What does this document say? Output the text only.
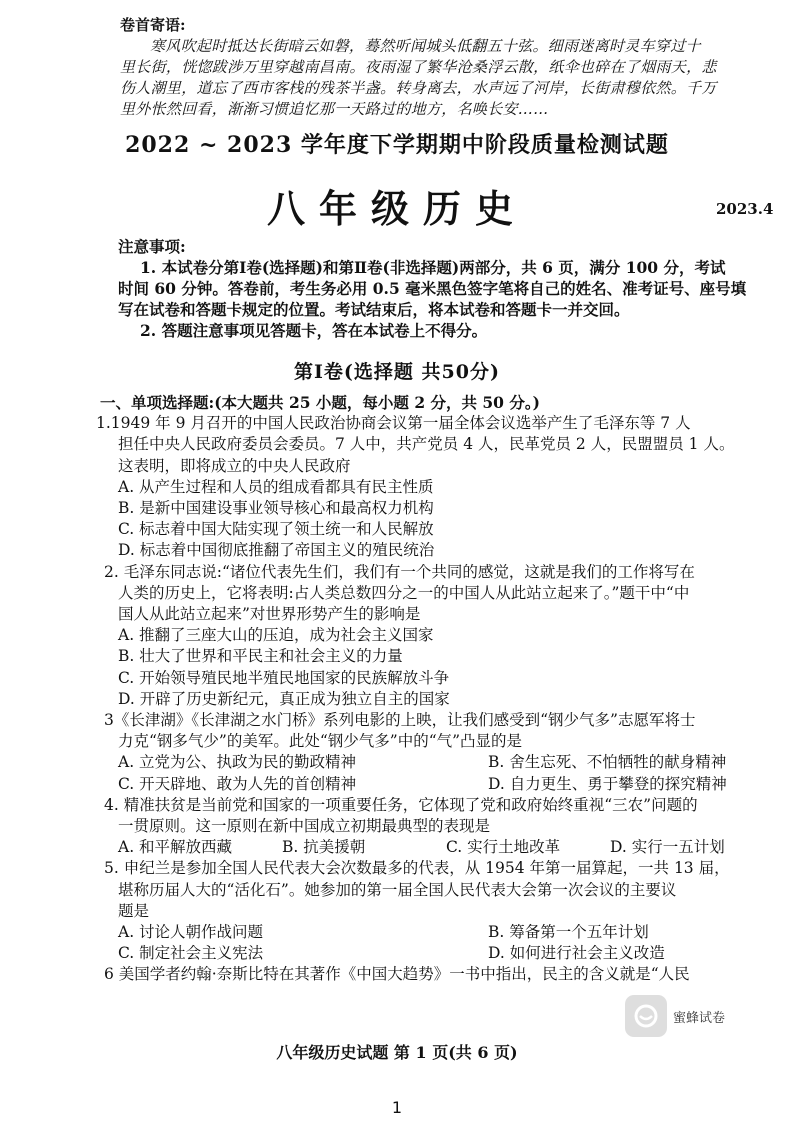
卷首寄语:

寒风吹起时抵达长街暗云如磐，蓦然听闻城头低翻五十弦。细雨迷离时灵车穿过十

里长街，恍惚跋涉万里穿越南昌南。夜雨湿了繁华沧桑浮云散，纸伞也碎在了烟雨天，悲
伤人潮里，道忘了西市客栈的残茶半盏。转身离去，水声远了河岸，长街肃穆依然。千万
里外怅然回看，渐渐习惯追忆那一天路过的地方，名唤长安……
2022 ~ 2023 学年度下学期期中阶段质量检测试题
八年级历史	2023.4
注意事项:

1. 本试卷分第Ⅰ卷(选择题)和第Ⅱ卷(非选择题)两部分，共 6 页，满分 100 分，考试

时间 60 分钟。答卷前，考生务必用 0.5 毫米黑色签字笔将自己的姓名、准考证号、座号填

写在试卷和答题卡规定的位置。考试结束后，将本试卷和答题卡一并交回。

2. 答题注意事项见答题卡，答在本试卷上不得分。

第Ⅰ卷(选择题 共50分)
一、单项选择题:(本大题共 25 小题，每小题 2 分，共 50 分。)
1.1949 年 9 月召开的中国人民政治协商会议第一届全体会议选举产生了毛泽东等 7 人
担任中央人民政府委员会委员。7 人中，共产党员 4 人，民革党员 2 人，民盟盟员 1 人。
这表明，即将成立的中央人民政府
A. 从产生过程和人员的组成看都具有民主性质
B. 是新中国建设事业领导核心和最高权力机构
C. 标志着中国大陆实现了领土统一和人民解放
D. 标志着中国彻底推翻了帝国主义的殖民统治
2. 毛泽东同志说:“诸位代表先生们，我们有一个共同的感觉，这就是我们的工作将写在
人类的历史上，它将表明:占人类总数四分之一的中国人从此站立起来了。”题干中“中
国人从此站立起来”对世界形势产生的影响是
A. 推翻了三座大山的压迫，成为社会主义国家
B. 壮大了世界和平民主和社会主义的力量
C. 开始领导殖民地半殖民地国家的民族解放斗争
D. 开辟了历史新纪元，真正成为独立自主的国家
3《长津湖》《长津湖之水门桥》系列电影的上映，让我们感受到“钢少气多”志愿军将士
力克“钢多气少”的美军。此处“钢少气多”中的“气”凸显的是
A. 立党为公、执政为民的勤政精神	B. 舍生忘死、不怕牺牲的献身精神
C. 开天辟地、敢为人先的首创精神	D. 自力更生、勇于攀登的探究精神
4. 精准扶贫是当前党和国家的一项重要任务，它体现了党和政府始终重视“三农”问题的
一贯原则。这一原则在新中国成立初期最典型的表现是
A. 和平解放西藏	B. 抗美援朝	C. 实行土地改革	D. 实行一五计划
5. 申纪兰是参加全国人民代表大会次数最多的代表，从 1954 年第一届算起，一共 13 届，
堪称历届人大的“活化石”。她参加的第一届全国人民代表大会第一次会议的主要议
题是
A. 讨论人朝作战问题	B. 筹备第一个五年计划
C. 制定社会主义宪法	D. 如何进行社会主义改造
6 美国学者约翰·奈斯比特在其著作《中国大趋势》一书中指出，民主的含义就是“人民
蜜蜂试卷
八年级历史试题 第 1 页(共 6 页)
1
